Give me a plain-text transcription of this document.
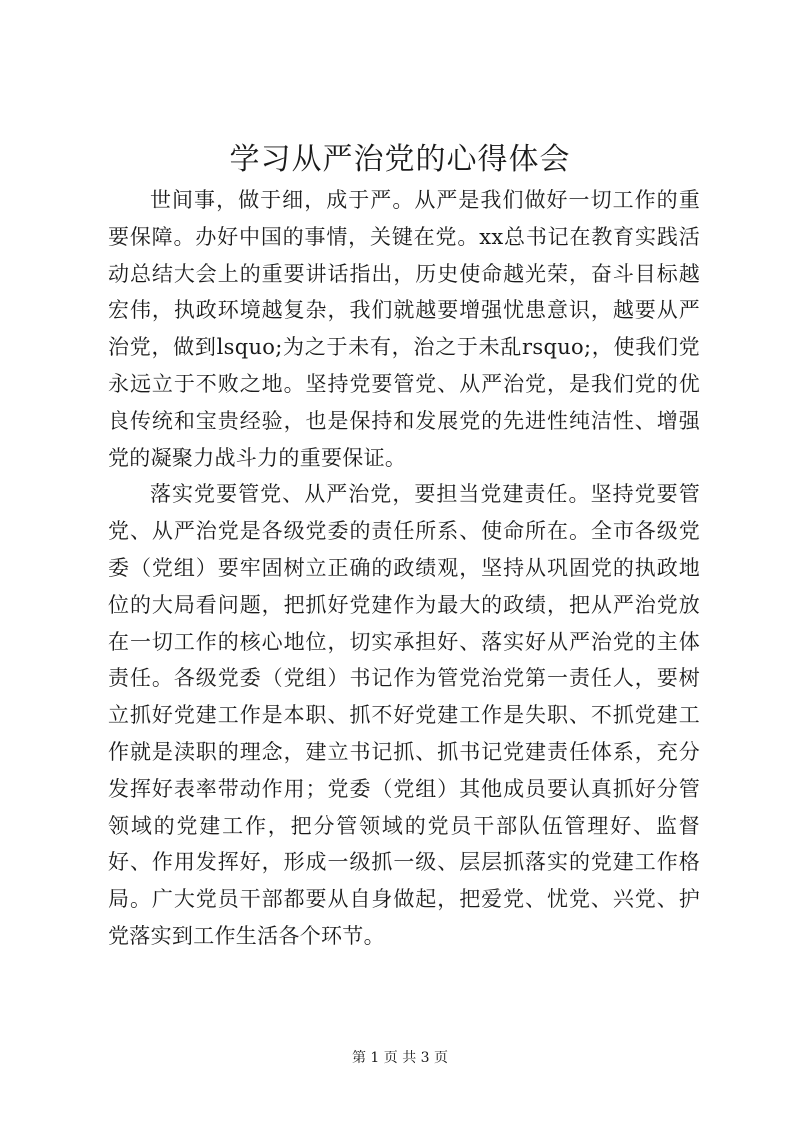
学习从严治党的心得体会

世间事，做于细，成于严。从严是我们做好一切工作的重要保障。办好中国的事情，关键在党。xx总书记在教育实践活动总结大会上的重要讲话指出，历史使命越光荣，奋斗目标越宏伟，执政环境越复杂，我们就越要增强忧患意识，越要从严治党，做到lsquo;为之于未有，治之于未乱rsquo;，使我们党永远立于不败之地。坚持党要管党、从严治党，是我们党的优良传统和宝贵经验，也是保持和发展党的先进性纯洁性、增强党的凝聚力战斗力的重要保证。

落实党要管党、从严治党，要担当党建责任。坚持党要管党、从严治党是各级党委的责任所系、使命所在。全市各级党委（党组）要牢固树立正确的政绩观，坚持从巩固党的执政地位的大局看问题，把抓好党建作为最大的政绩，把从严治党放在一切工作的核心地位，切实承担好、落实好从严治党的主体责任。各级党委（党组）书记作为管党治党第一责任人，要树立抓好党建工作是本职、抓不好党建工作是失职、不抓党建工作就是渎职的理念，建立书记抓、抓书记党建责任体系，充分发挥好表率带动作用；党委（党组）其他成员要认真抓好分管领域的党建工作，把分管领域的党员干部队伍管理好、监督好、作用发挥好，形成一级抓一级、层层抓落实的党建工作格局。广大党员干部都要从自身做起，把爱党、忧党、兴党、护党落实到工作生活各个环节。

第 1 页 共 3 页
